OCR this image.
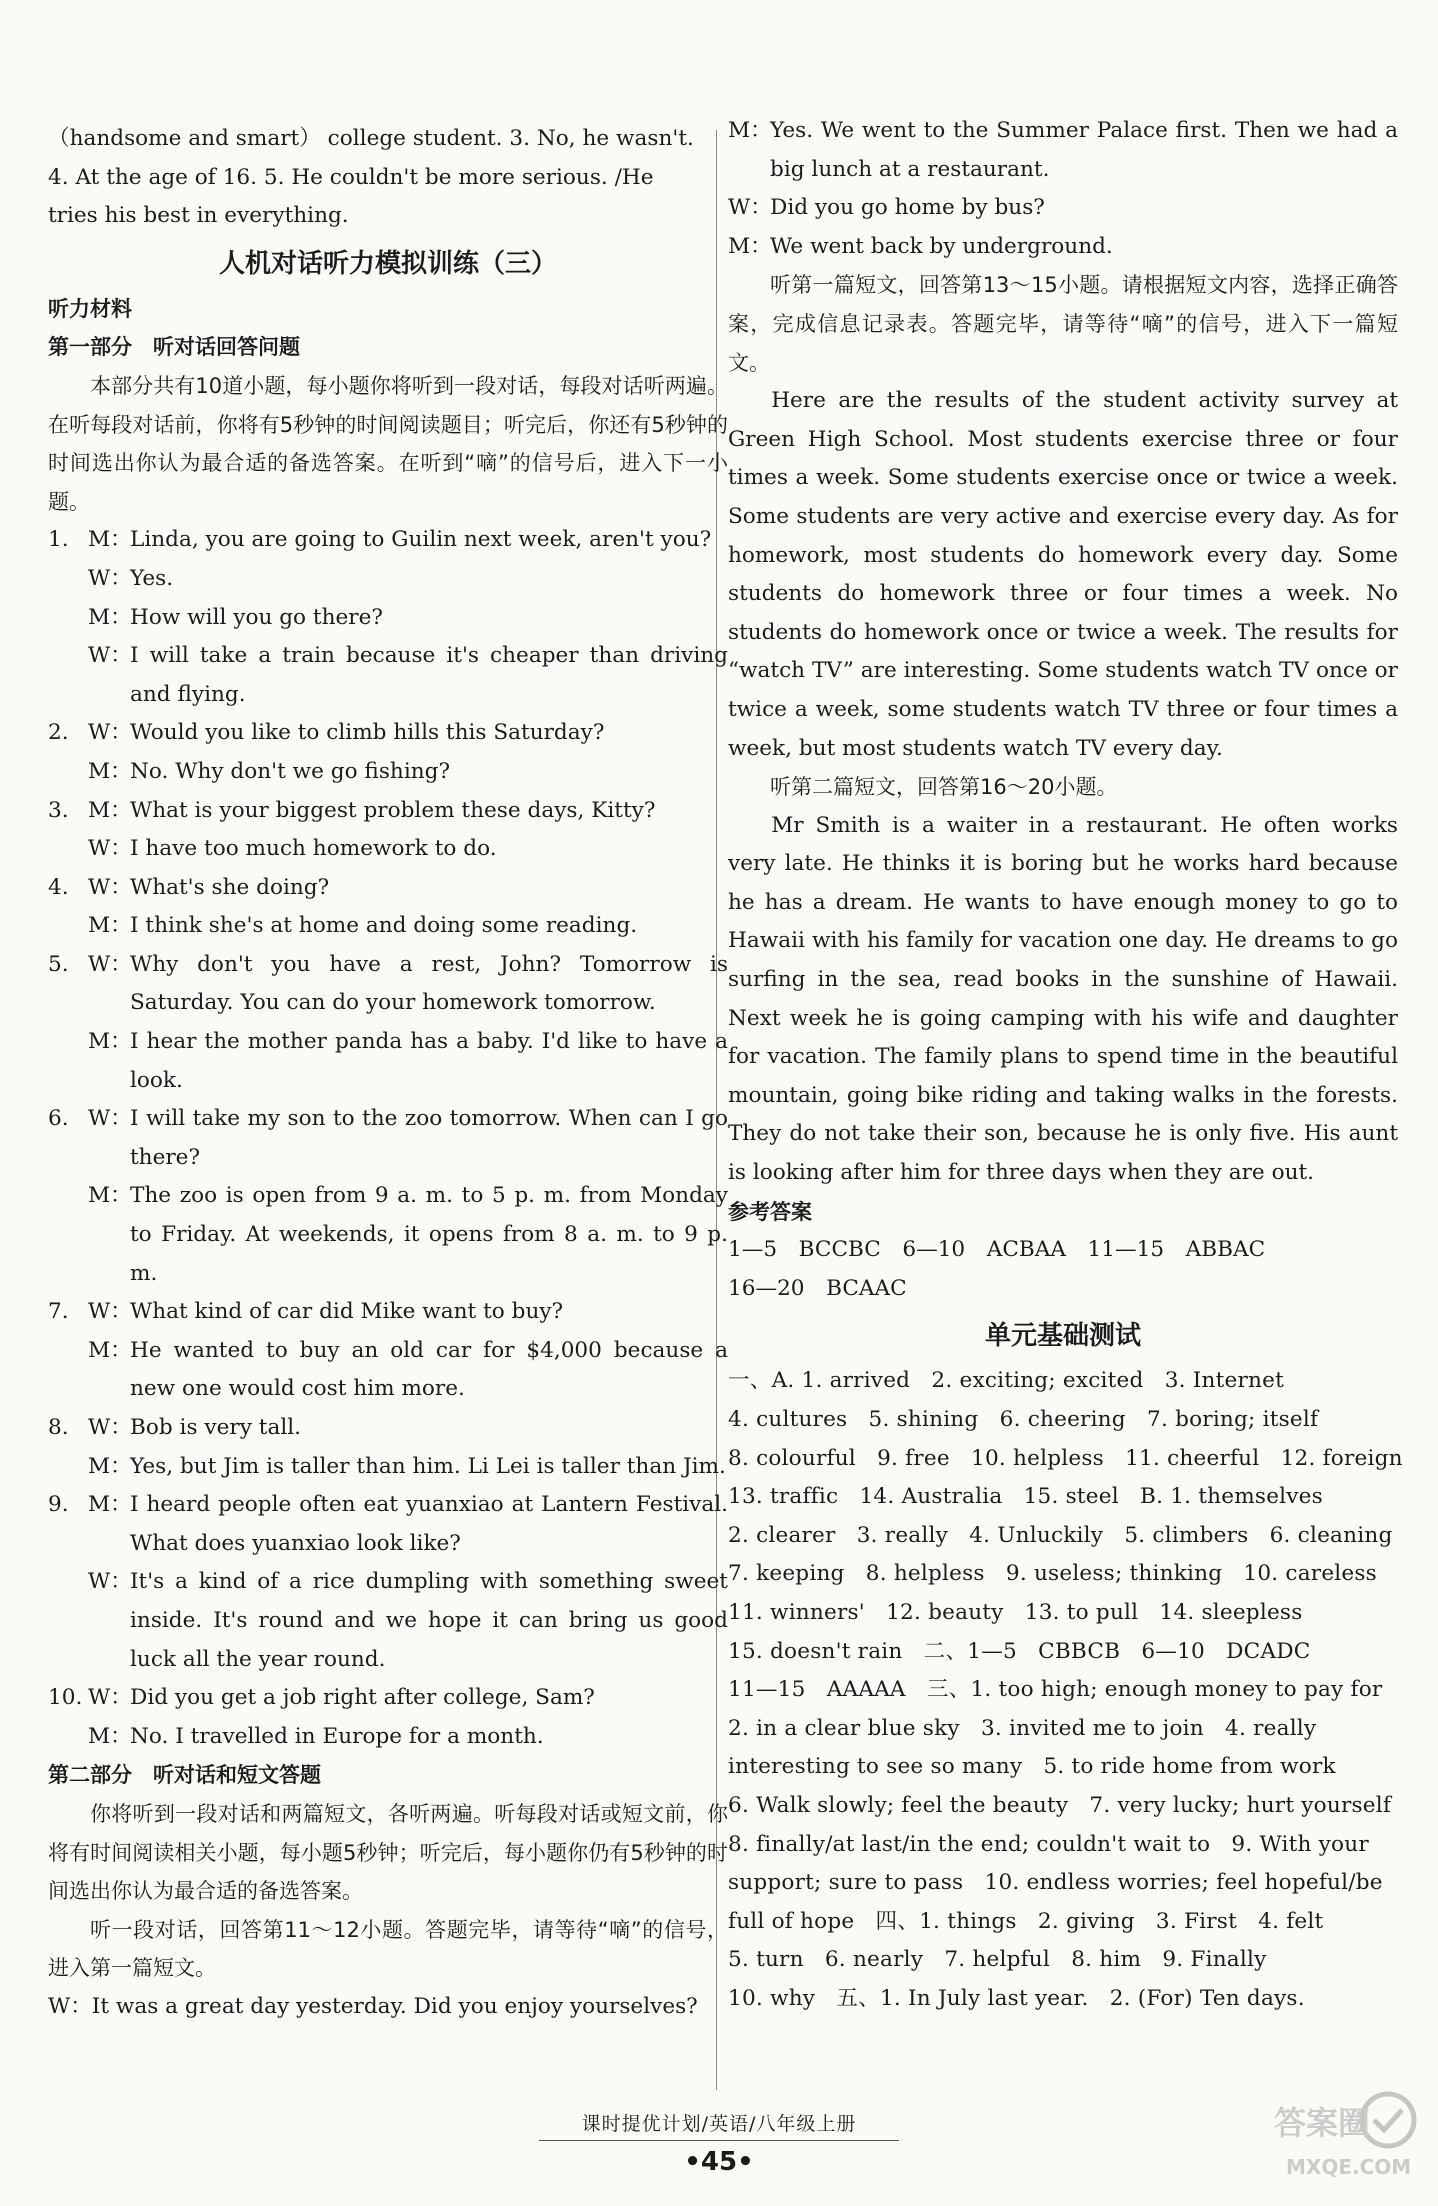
（handsome and smart） college student. 3. No, he wasn't.

4. At the age of 16. 5. He couldn't be more serious. /He

tries his best in everything.

人机对话听力模拟训练（三）
听力材料
第一部分　听对话回答问题

本部分共有10道小题，每小题你将听到一段对话，每段对话听两遍。在听每段对话前，你将有5秒钟的时间阅读题目；听完后，你还有5秒钟的时间选出你认为最合适的备选答案。在听到“嘀”的信号后，进入下一小题。

1. M：
Linda, you are going to Guilin next week, aren't you?
W：
Yes.
M：
How will you go there?
W：
I will take a train because it's cheaper than driving and flying.
2. W：
Would you like to climb hills this Saturday?
M：
No. Why don't we go fishing?
3. M：
What is your biggest problem these days, Kitty?
W：
I have too much homework to do.
4. W：
What's she doing?
M：
I think she's at home and doing some reading.
5. W：
Why don't you have a rest, John? Tomorrow is Saturday. You can do your homework tomorrow.
M：
I hear the mother panda has a baby. I'd like to have a look.
6. W：
I will take my son to the zoo tomorrow. When can I go there?
M：
The zoo is open from 9 a. m. to 5 p. m. from Monday to Friday. At weekends, it opens from 8 a. m. to 9 p. m.
7. W：
What kind of car did Mike want to buy?
M：
He wanted to buy an old car for $4,000 because a new one would cost him more.
8. W：
Bob is very tall.
M：
Yes, but Jim is taller than him. Li Lei is taller than Jim.
9. M：
I heard people often eat yuanxiao at Lantern Festival. What does yuanxiao look like?
W：
It's a kind of a rice dumpling with something sweet inside. It's round and we hope it can bring us good luck all the year round.
10. W：
Did you get a job right after college, Sam?
M：
No. I travelled in Europe for a month.
第二部分　听对话和短文答题

你将听到一段对话和两篇短文，各听两遍。听每段对话或短文前，你将有时间阅读相关小题，每小题5秒钟；听完后，每小题你仍有5秒钟的时间选出你认为最合适的备选答案。

听一段对话，回答第11～12小题。答题完毕，请等待“嘀”的信号，进入第一篇短文。

W：It was a great day yesterday. Did you enjoy yourselves?

M：
Yes. We went to the Summer Palace first. Then we had a big lunch at a restaurant.
W：
Did you go home by bus?
M：
We went back by underground.

听第一篇短文，回答第13～15小题。请根据短文内容，选择正确答案，完成信息记录表。答题完毕，请等待“嘀”的信号，进入下一篇短文。

Here are the results of the student activity survey at Green High School. Most students exercise three or four times a week. Some students exercise once or twice a week. Some students are very active and exercise every day. As for homework, most students do homework every day. Some students do homework three or four times a week. No students do homework once or twice a week. The results for “watch TV” are interesting. Some students watch TV once or twice a week, some students watch TV three or four times a week, but most students watch TV every day.

听第二篇短文，回答第16～20小题。

Mr Smith is a waiter in a restaurant. He often works very late. He thinks it is boring but he works hard because he has a dream. He wants to have enough money to go to Hawaii with his family for vacation one day. He dreams to go surfing in the sea, read books in the sunshine of Hawaii. Next week he is going camping with his wife and daughter for vacation. The family plans to spend time in the beautiful mountain, going bike riding and taking walks in the forests. They do not take their son, because he is only five. His aunt is looking after him for three days when they are out.

参考答案

1—5　BCCBC　6—10　ACBAA　11—15　ABBAC

16—20　BCAAC

单元基础测试

一、A. 1. arrived   2. exciting; excited   3. Internet

4. cultures   5. shining   6. cheering   7. boring; itself

8. colourful   9. free   10. helpless   11. cheerful   12. foreign

13. traffic   14. Australia   15. steel   B. 1. themselves

2. clearer   3. really   4. Unluckily   5. climbers   6. cleaning

7. keeping   8. helpless   9. useless; thinking   10. careless

11. winners'   12. beauty   13. to pull   14. sleepless

15. doesn't rain   二、1—5   CBBCB   6—10   DCADC

11—15   AAAAA   三、1. too high; enough money to pay for

2. in a clear blue sky   3. invited me to join   4. really

interesting to see so many   5. to ride home from work

6. Walk slowly; feel the beauty   7. very lucky; hurt yourself

8. finally/at last/in the end; couldn't wait to   9. With your

support; sure to pass   10. endless worries; feel hopeful/be

full of hope   四、1. things   2. giving   3. First   4. felt

5. turn   6. nearly   7. helpful   8. him   9. Finally

10. why   五、1. In July last year.   2. (For) Ten days.

课时提优计划/英语/八年级上册
•45•
答案圈
MXQE.COM
